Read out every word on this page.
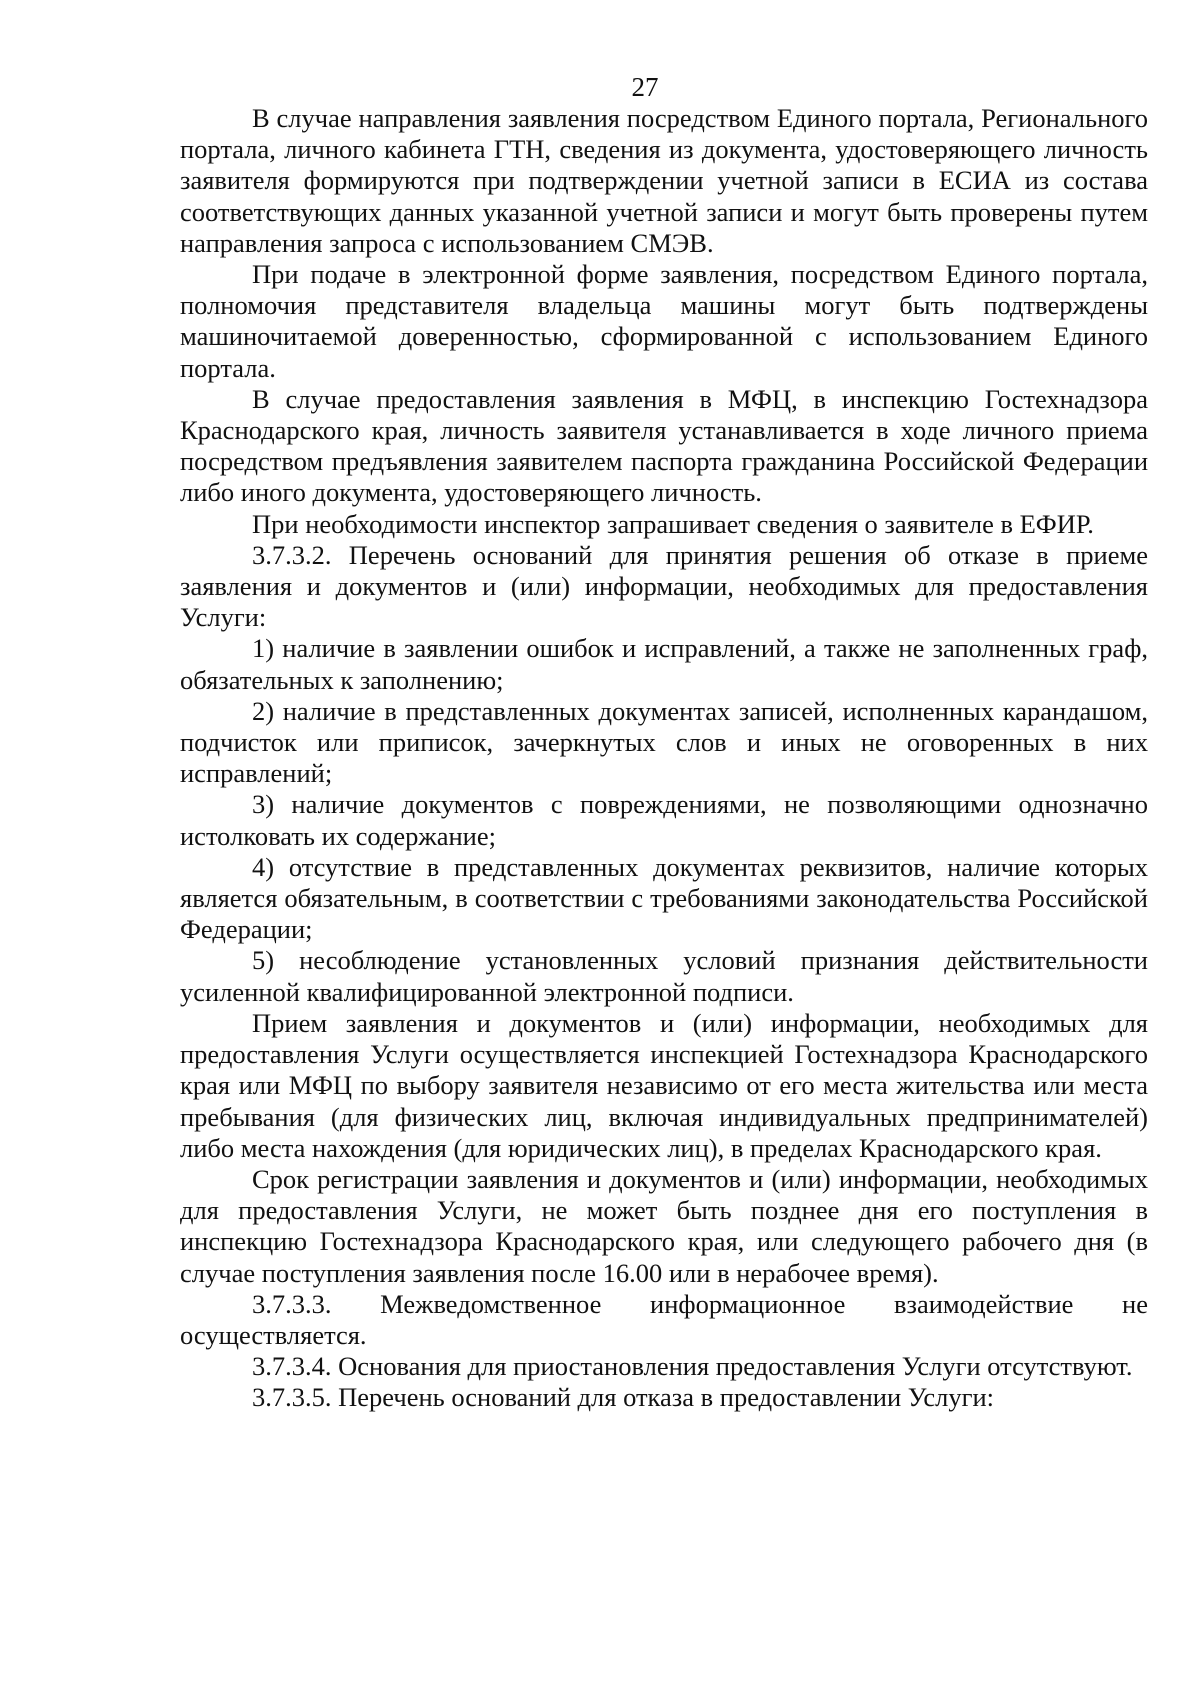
27

В случае направления заявления посредством Единого портала, Регионального портала, личного кабинета ГТН, сведения из документа, удостоверяющего личность заявителя формируются при подтверждении учетной записи в ЕСИА из состава соответствующих данных указанной учетной записи и могут быть проверены путем направления запроса с использованием СМЭВ.

При подаче в электронной форме заявления, посредством Единого портала, полномочия представителя владельца машины могут быть подтверждены машиночитаемой доверенностью, сформированной с использованием Единого портала.

В случае предоставления заявления в МФЦ, в инспекцию Гостехнадзора Краснодарского края, личность заявителя устанавливается в ходе личного приема посредством предъявления заявителем паспорта гражданина Российской Федерации либо иного документа, удостоверяющего личность.

При необходимости инспектор запрашивает сведения о заявителе в ЕФИР.

3.7.3.2. Перечень оснований для принятия решения об отказе в приеме заявления и документов и (или) информации, необходимых для предоставления Услуги:

1) наличие в заявлении ошибок и исправлений, а также не заполненных граф, обязательных к заполнению;

2) наличие в представленных документах записей, исполненных карандашом, подчисток или приписок, зачеркнутых слов и иных не оговоренных в них исправлений;

3) наличие документов с повреждениями, не позволяющими однозначно истолковать их содержание;

4) отсутствие в представленных документах реквизитов, наличие которых является обязательным, в соответствии с требованиями законодательства Российской Федерации;

5) несоблюдение установленных условий признания действительности усиленной квалифицированной электронной подписи.

Прием заявления и документов и (или) информации, необходимых для предоставления Услуги осуществляется инспекцией Гостехнадзора Краснодарского края или МФЦ по выбору заявителя независимо от его места жительства или места пребывания (для физических лиц, включая индивидуальных предпринимателей) либо места нахождения (для юридических лиц), в пределах Краснодарского края.

Срок регистрации заявления и документов и (или) информации, необходимых для предоставления Услуги, не может быть позднее дня его поступления в инспекцию Гостехнадзора Краснодарского края, или следующего рабочего дня (в случае поступления заявления после 16.00 или в нерабочее время).

3.7.3.3. Межведомственное информационное взаимодействие не осуществляется.

3.7.3.4. Основания для приостановления предоставления Услуги отсутствуют.

3.7.3.5. Перечень оснований для отказа в предоставлении Услуги:
